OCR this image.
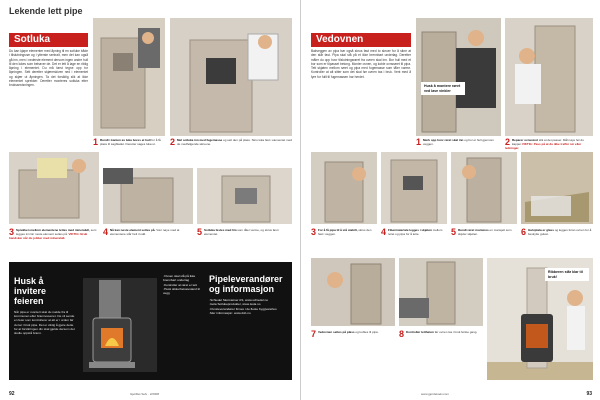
Lekende lett pipe
Sotluka
Du kan kjøpe elementer med åpning til en sotluke både i tilslutningsrør og i ytterste sentralt, men det kan også gå inn, men i nederste element dersom ingen andre hull til den lukes som behøver de. Det er lett å lage en riktig åpning i elementet. Du må først tegne opp for åpningen. Sett deretter skjæreskiven ned i elementet og skjær ut åpningen. Ta det forsiktig slik at ikke elementet sprekker. Deretter monteres sotluka etter bruksanvisningen.
1 Rundt i kanten av luka bores et hull for å få plass til sagbladet. Deretter sages luka ut.	2 Mel sotluka inn med fugemasse og sett den på plass. Skru luka fast i elementet med de medfølgende skruene.
3 Sprekken mellom elementene tettes med mineralull, som legges inn før neste element settes på. VIKTIG: Bruk handsker når du jobber med mineralull.
4 Nå kan neste element settes på. Vær nøye med at elementene står helt i lodd.	5 Sotluka festes med lim som tåler varme, og skrus fast i elementet.
Husk å invitere feieren
Når pipa er montert skal du melde fra til kommunen eller brannvesenet. De vil sende en feier som kontrollerer at alt er i orden før du tar i bruk pipa. Det er viktig å gjøre dette for at forsikringen din skal gjelde dersom det skulle oppstå brann.
• Ovnen skal stå på ikke brennbart underlag
• Kontroller at røret er tett
• Husk sikkerhetsavstand til vegg
Pipeleverandører og informasjon
• Schiedel Skorsteiner AS, www.schiedel.no
• Isola Sotlukeprodukter, www.isola.no
• Ovnsleverandører finnes i de fleste byggvarehus
• Mer informasjon: www.dsb.no
92	GjørDet Selv · 2/2008
Vedovnen
Bakveggen av pipa bør også skrus fast med to skruer for å sikre at den står fast. Pipa skal stå på et ikke brennbart underlag. Deretter måler du opp hvor tilslutningsrøret fra ovnen skal inn. Bor hull med et bor som er tilpasset betong. Monter ovnen, og koble ovnsrøret til pipa. Tett skjøten mellom røret og pipa med fugemasse som tåler varme. Kontroller at alt sitter som det skal før ovnen tas i bruk. Vent med å fyre for fullt til fugemassen har herdet.
Husk å montere røret ved lave vinkler
1 Merk opp hvor røret skal inn og bor et hull gjennom veggen.	2 Reparer ovnsrøret slik at det passer. Mål nøye før du kapper.VIKTIG: Pass på at du ikke treffer rør eller ledninger.
3 For å få pipa til å stå stabilt, skrus den fast i veggen.	4 Fibermateriale legges i skjøten mellom røret og pipa for å tette.	5 Rundt røret monteres en mansjett som skjuler skjøten.	6 Gulvplata er glass og legges foran ovnen for å beskytte gulvet.
Ribberen står klar til bruk!
7 Vedovnen settes på plass og kobles til pipa.	8 Kontroller tettheten før ovnen tas i bruk første gang.
www.gjordetselv.com	93
